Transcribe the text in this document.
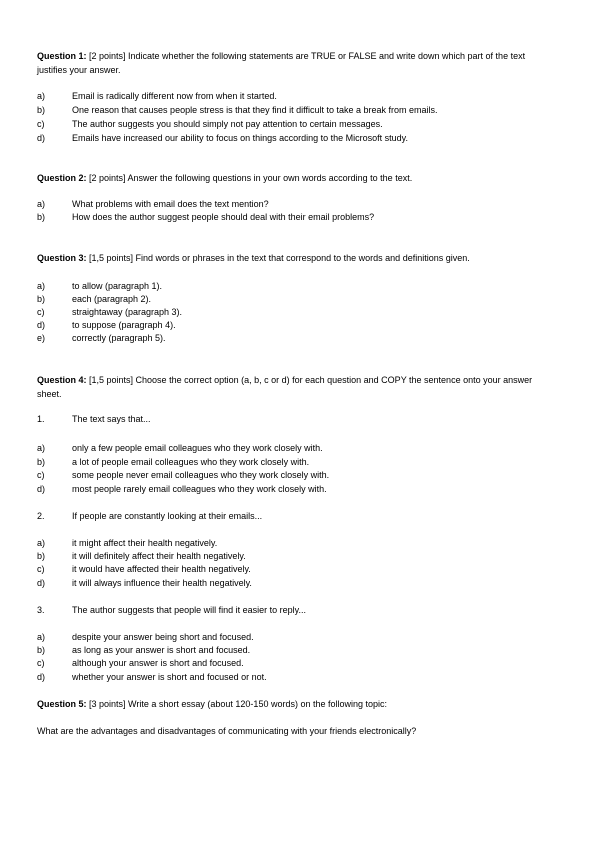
Question 1: [2 points] Indicate whether the following statements are TRUE or FALSE and write down which part of the text justifies your answer.

a)	Email is radically different now from when it started.
b)	One reason that causes people stress is that they find it difficult to take a break from emails.
c)	The author suggests you should simply not pay attention to certain messages.
d)	Emails have increased our ability to focus on things according to the Microsoft study.

Question 2: [2 points] Answer the following questions in your own words according to the text.

a)	What problems with email does the text mention?
b)	How does the author suggest people should deal with their email problems?

Question 3: [1,5 points] Find words or phrases in the text that correspond to the words and definitions given.

a)	to allow (paragraph 1).
b)	each (paragraph 2).
c)	straightaway (paragraph 3).
d)	to suppose (paragraph 4).
e)	correctly (paragraph 5).

Question 4: [1,5 points] Choose the correct option (a, b, c or d) for each question and COPY the sentence onto your answer sheet.

1.	The text says that...
a)	only a few people email colleagues who they work closely with.
b)	a lot of people email colleagues who they work closely with.
c)	some people never email colleagues who they work closely with.
d)	most people rarely email colleagues who they work closely with.
2.	If people are constantly looking at their emails...
a)	it might affect their health negatively.
b)	it will definitely affect their health negatively.
c)	it would have affected their health negatively.
d)	it will always influence their health negatively.
3.	The author suggests that people will find it easier to reply...
a)	despite your answer being short and focused.
b)	as long as your answer is short and focused.
c)	although your answer is short and focused.
d)	whether your answer is short and focused or not.

Question 5: [3 points] Write a short essay (about 120-150 words) on the following topic:

What are the advantages and disadvantages of communicating with your friends electronically?
